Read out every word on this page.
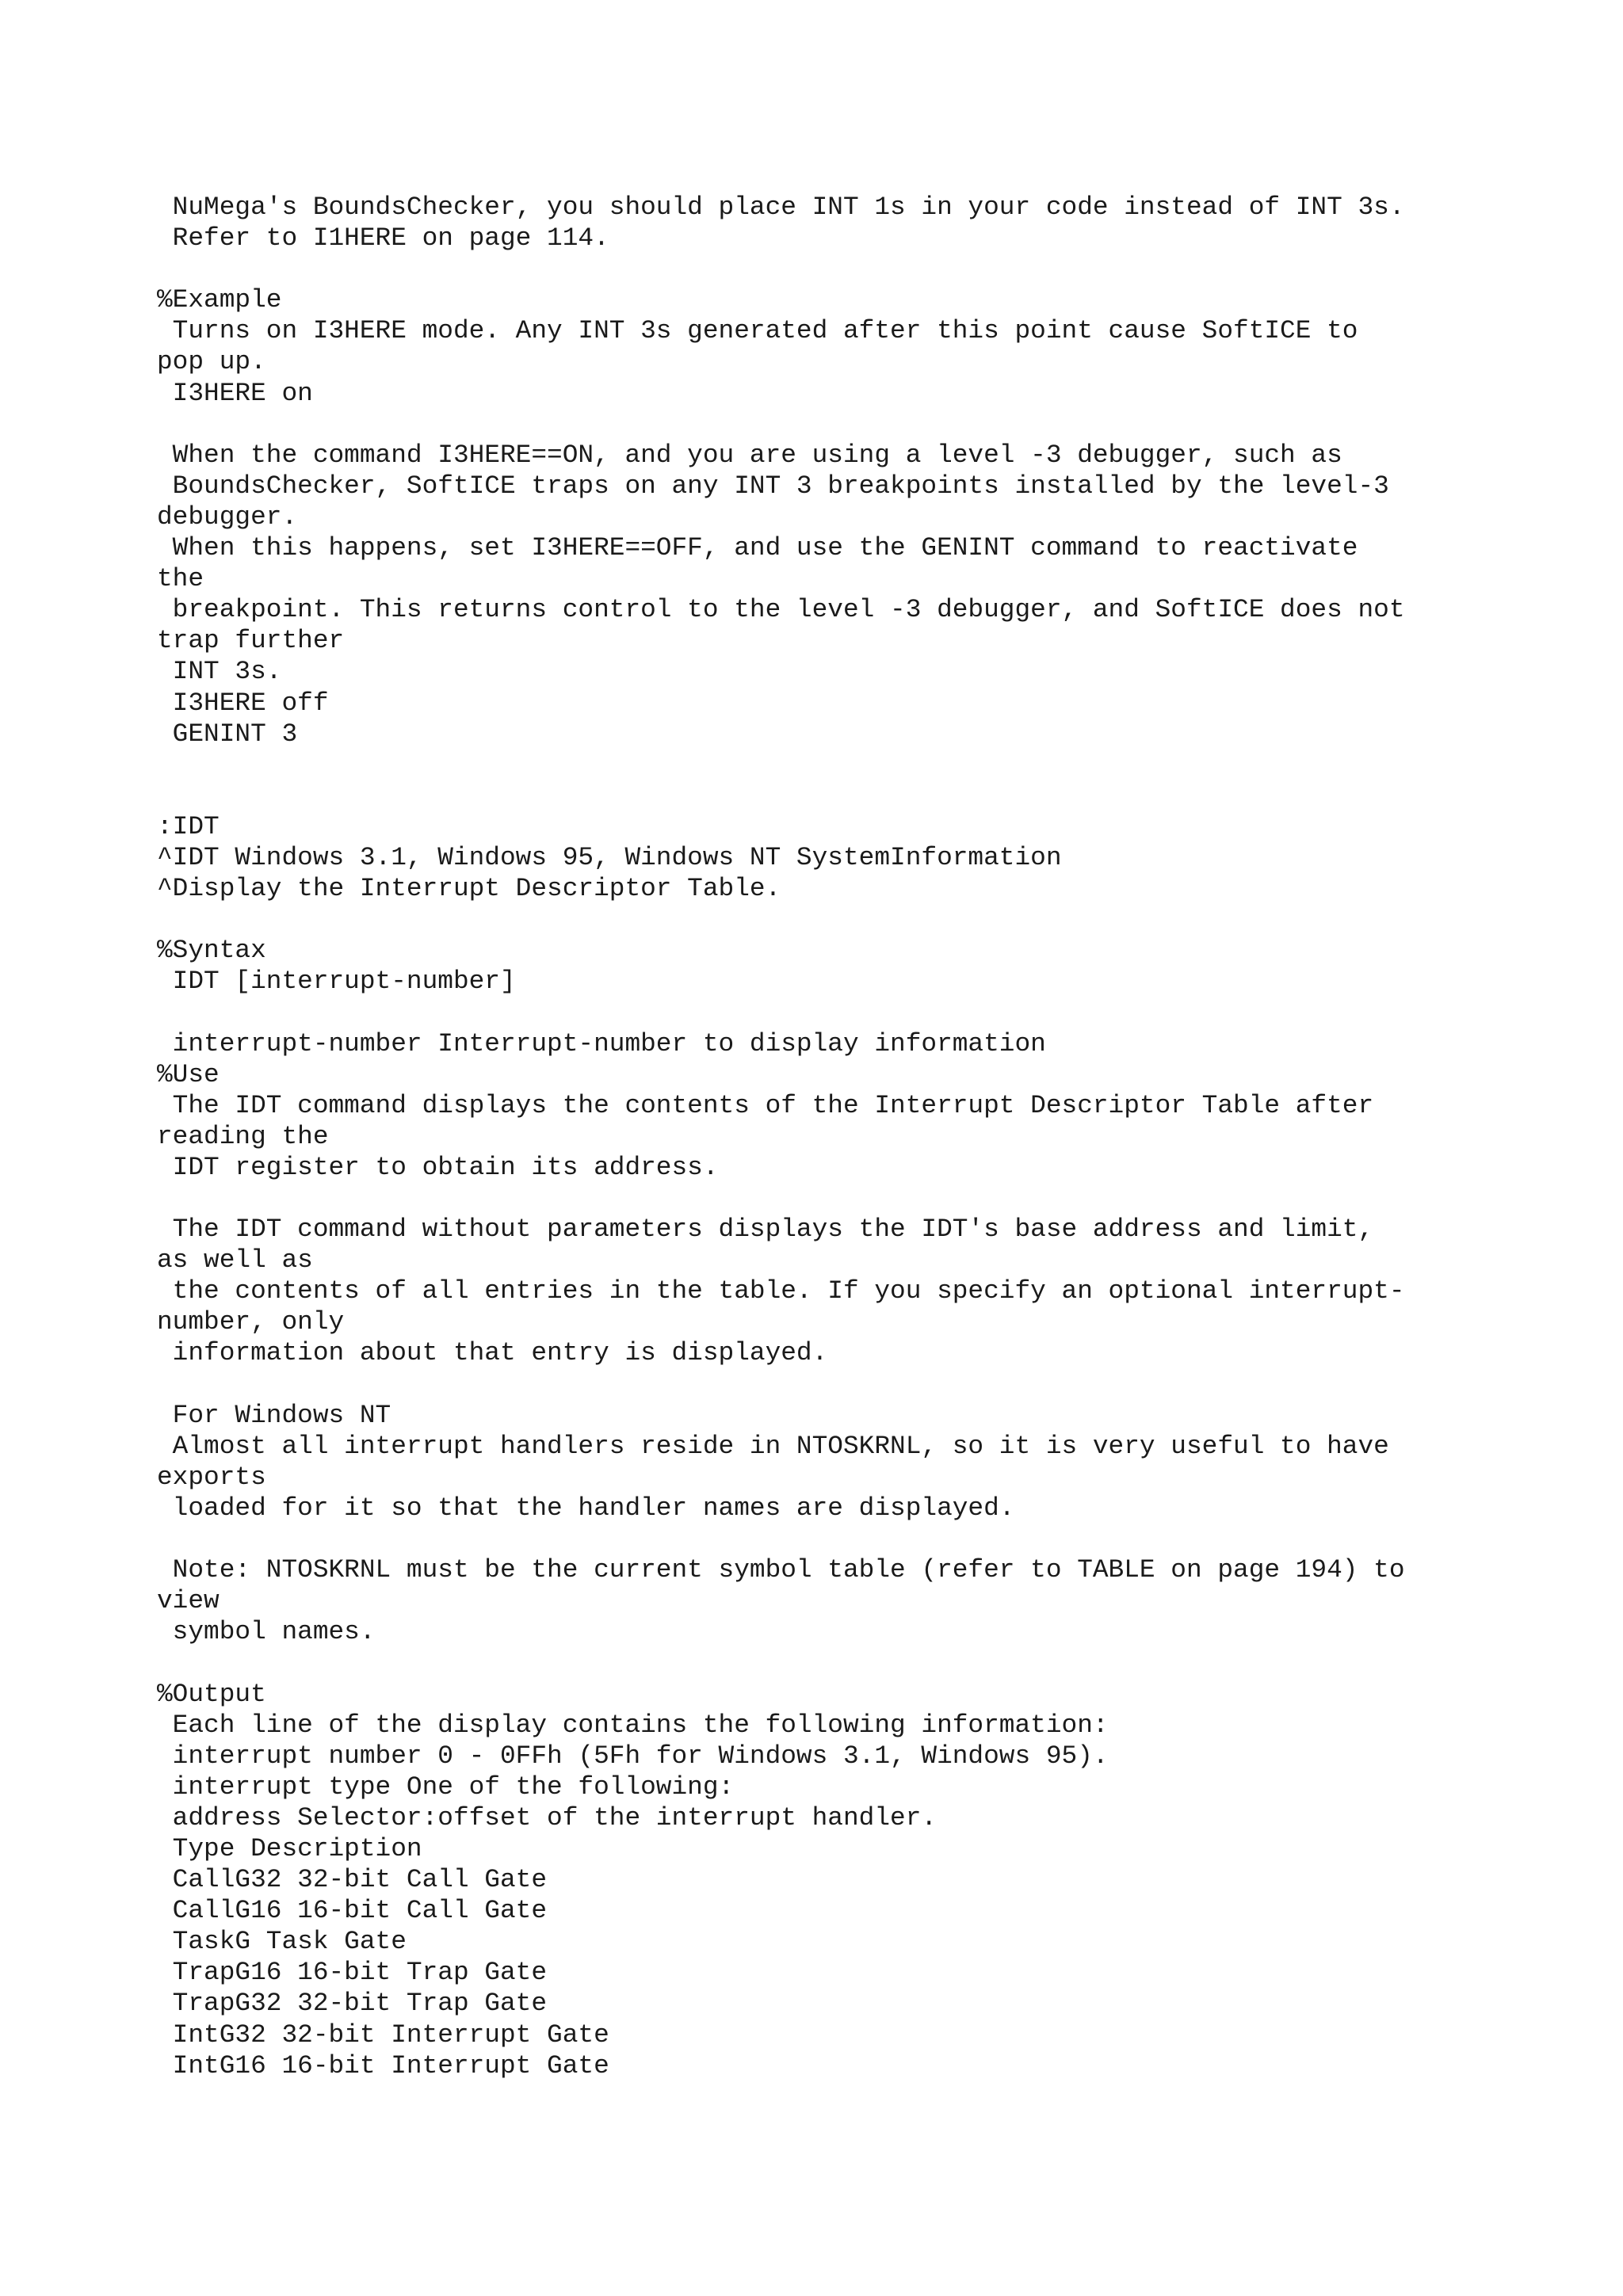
NuMega's BoundsChecker, you should place INT 1s in your code instead of INT 3s.
Refer to I1HERE on page 114.
%Example
Turns on I3HERE mode. Any INT 3s generated after this point cause SoftICE to
pop up.
I3HERE on
When the command I3HERE==ON, and you are using a level -3 debugger, such as
BoundsChecker, SoftICE traps on any INT 3 breakpoints installed by the level-3
debugger.
When this happens, set I3HERE==OFF, and use the GENINT command to reactivate
the
breakpoint. This returns control to the level -3 debugger, and SoftICE does not
trap further
INT 3s.
I3HERE off
GENINT 3
:IDT
^IDT Windows 3.1, Windows 95, Windows NT SystemInformation
^Display the Interrupt Descriptor Table.
%Syntax
IDT [interrupt-number]
interrupt-number Interrupt-number to display information
%Use
The IDT command displays the contents of the Interrupt Descriptor Table after
reading the
IDT register to obtain its address.
The IDT command without parameters displays the IDT's base address and limit,
as well as
the contents of all entries in the table. If you specify an optional interrupt-
number, only
information about that entry is displayed.
For Windows NT
Almost all interrupt handlers reside in NTOSKRNL, so it is very useful to have
exports
loaded for it so that the handler names are displayed.
Note: NTOSKRNL must be the current symbol table (refer to TABLE on page 194) to
view
symbol names.
%Output
Each line of the display contains the following information:
interrupt number 0 - 0FFh (5Fh for Windows 3.1, Windows 95).
interrupt type One of the following:
address Selector:offset of the interrupt handler.
Type Description
CallG32 32-bit Call Gate
CallG16 16-bit Call Gate
TaskG Task Gate
TrapG16 16-bit Trap Gate
TrapG32 32-bit Trap Gate
IntG32 32-bit Interrupt Gate
IntG16 16-bit Interrupt Gate
